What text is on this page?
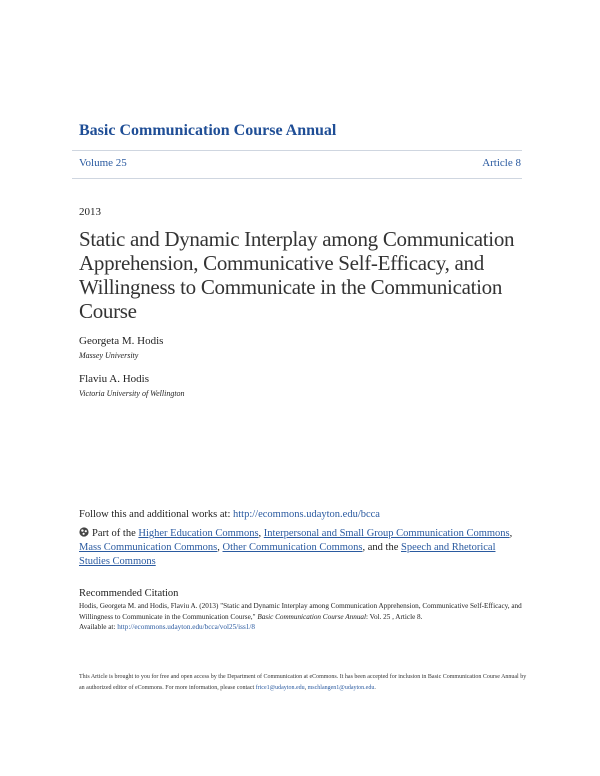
Basic Communication Course Annual
Volume 25	Article 8
2013
Static and Dynamic Interplay among Communication Apprehension, Communicative Self-Efficacy, and Willingness to Communicate in the Communication Course
Georgeta M. Hodis
Massey University
Flaviu A. Hodis
Victoria University of Wellington
Follow this and additional works at: http://ecommons.udayton.edu/bcca
Part of the Higher Education Commons, Interpersonal and Small Group Communication Commons, Mass Communication Commons, Other Communication Commons, and the Speech and Rhetorical Studies Commons
Recommended Citation
Hodis, Georgeta M. and Hodis, Flaviu A. (2013) "Static and Dynamic Interplay among Communication Apprehension, Communicative Self-Efficacy, and Willingness to Communicate in the Communication Course," Basic Communication Course Annual: Vol. 25 , Article 8.
Available at: http://ecommons.udayton.edu/bcca/vol25/iss1/8
This Article is brought to you for free and open access by the Department of Communication at eCommons. It has been accepted for inclusion in Basic Communication Course Annual by an authorized editor of eCommons. For more information, please contact frice1@udayton.edu, mschlangen1@udayton.edu.
